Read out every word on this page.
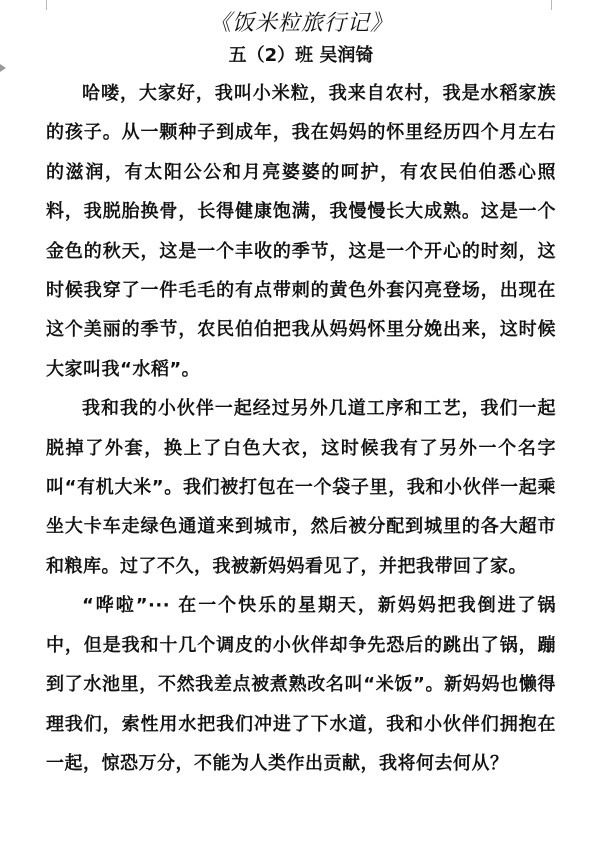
《饭米粒旅行记》

五（2）班 吴润锜

哈喽，大家好，我叫小米粒，我来自农村，我是水稻家族的孩子。从一颗种子到成年，我在妈妈的怀里经历四个月左右的滋润，有太阳公公和月亮婆婆的呵护，有农民伯伯悉心照料，我脱胎换骨，长得健康饱满，我慢慢长大成熟。这是一个金色的秋天，这是一个丰收的季节，这是一个开心的时刻，这时候我穿了一件毛毛的有点带刺的黄色外套闪亮登场，出现在这个美丽的季节，农民伯伯把我从妈妈怀里分娩出来，这时候大家叫我“水稻”。

我和我的小伙伴一起经过另外几道工序和工艺，我们一起脱掉了外套，换上了白色大衣，这时候我有了另外一个名字叫“有机大米”。我们被打包在一个袋子里，我和小伙伴一起乘坐大卡车走绿色通道来到城市，然后被分配到城里的各大超市和粮库。过了不久，我被新妈妈看见了，并把我带回了家。

“哗啦”··· 在一个快乐的星期天，新妈妈把我倒进了锅中，但是我和十几个调皮的小伙伴却争先恐后的跳出了锅，蹦到了水池里，不然我差点被煮熟改名叫“米饭”。新妈妈也懒得理我们，索性用水把我们冲进了下水道，我和小伙伴们拥抱在一起，惊恐万分，不能为人类作出贡献，我将何去何从？
